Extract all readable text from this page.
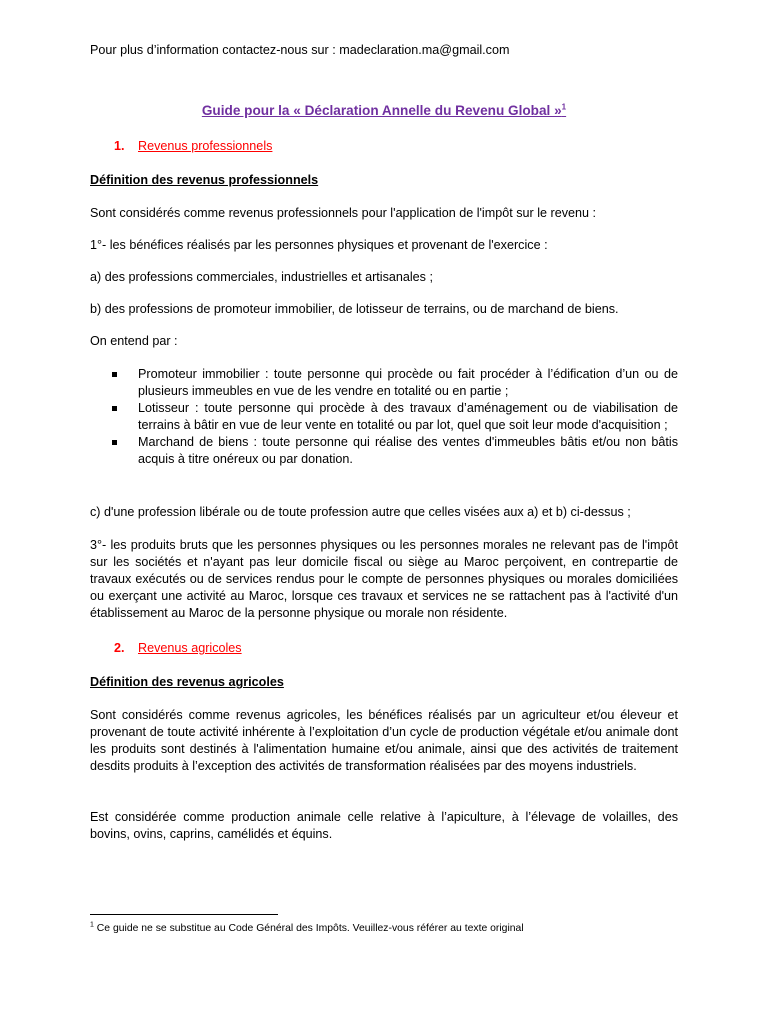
Pour plus d’information contactez-nous sur : madeclaration.ma@gmail.com
Guide pour la « Déclaration Annelle du Revenu Global »$^1$
1. Revenus professionnels
Définition des revenus professionnels
Sont considérés comme revenus professionnels pour l'application de l'impôt sur le revenu :
1°- les bénéfices réalisés par les personnes physiques et provenant de l'exercice :
a) des professions commerciales, industrielles et artisanales ;
b) des professions de promoteur immobilier, de lotisseur de terrains, ou de marchand de biens.
On entend par :
Promoteur immobilier : toute personne qui procède ou fait procéder à l’édification d’un ou de plusieurs immeubles en vue de les vendre en totalité ou en partie ;
Lotisseur : toute personne qui procède à des travaux d’aménagement ou de viabilisation de terrains à bâtir en vue de leur vente en totalité ou par lot, quel que soit leur mode d'acquisition ;
Marchand de biens : toute personne qui réalise des ventes d'immeubles bâtis et/ou non bâtis acquis à titre onéreux ou par donation.
c) d'une profession libérale ou de toute profession autre que celles visées aux a) et b) ci-dessus ;
3°- les produits bruts que les personnes physiques ou les personnes morales ne relevant pas de l'impôt sur les sociétés et n'ayant pas leur domicile fiscal ou siège au Maroc perçoivent, en contrepartie de travaux exécutés ou de services rendus pour le compte de personnes physiques ou morales domiciliées ou exerçant une activité au Maroc, lorsque ces travaux et services ne se rattachent pas à l'activité d'un établissement au Maroc de la personne physique ou morale non résidente.
2. Revenus agricoles
Définition des revenus agricoles
Sont considérés comme revenus agricoles, les bénéfices réalisés par un agriculteur et/ou éleveur et provenant de toute activité inhérente à l’exploitation d’un cycle de production végétale et/ou animale dont les produits sont destinés à l'alimentation humaine et/ou animale, ainsi que des activités de traitement desdits produits à l’exception des activités de transformation réalisées par des moyens industriels.
Est considérée comme production animale celle relative à l’apiculture, à l’élevage de volailles, des bovins, ovins, caprins, camélidés et équins.
$^1$ Ce guide ne se substitue au Code Général des Impôts. Veuillez-vous référer au texte original
